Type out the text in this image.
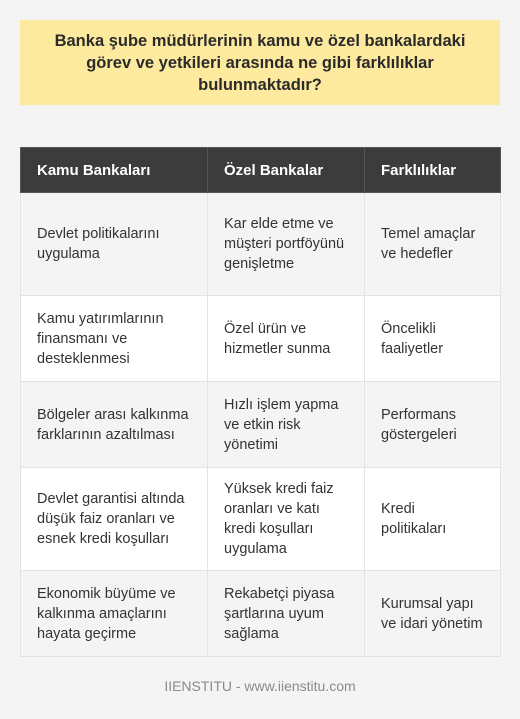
Banka şube müdürlerinin kamu ve özel bankalardaki görev ve yetkileri arasında ne gibi farklılıklar bulunmaktadır?
Kamu Bankaları	Özel Bankalar	Farklılıklar
Devlet politikalarını uygulama	Kar elde etme ve müşteri portföyünü genişletme	Temel amaçlar ve hedefler
Kamu yatırımlarının finansmanı ve desteklenmesi	Özel ürün ve hizmetler sunma	Öncelikli faaliyetler
Bölgeler arası kalkınma farklarının azaltılması	Hızlı işlem yapma ve etkin risk yönetimi	Performans göstergeleri
Devlet garantisi altında düşük faiz oranları ve esnek kredi koşulları	Yüksek kredi faiz oranları ve katı kredi koşulları uygulama	Kredi politikaları
Ekonomik büyüme ve kalkınma amaçlarını hayata geçirme	Rekabetçi piyasa şartlarına uyum sağlama	Kurumsal yapı ve idari yönetim
IIENSTITU - www.iienstitu.com
